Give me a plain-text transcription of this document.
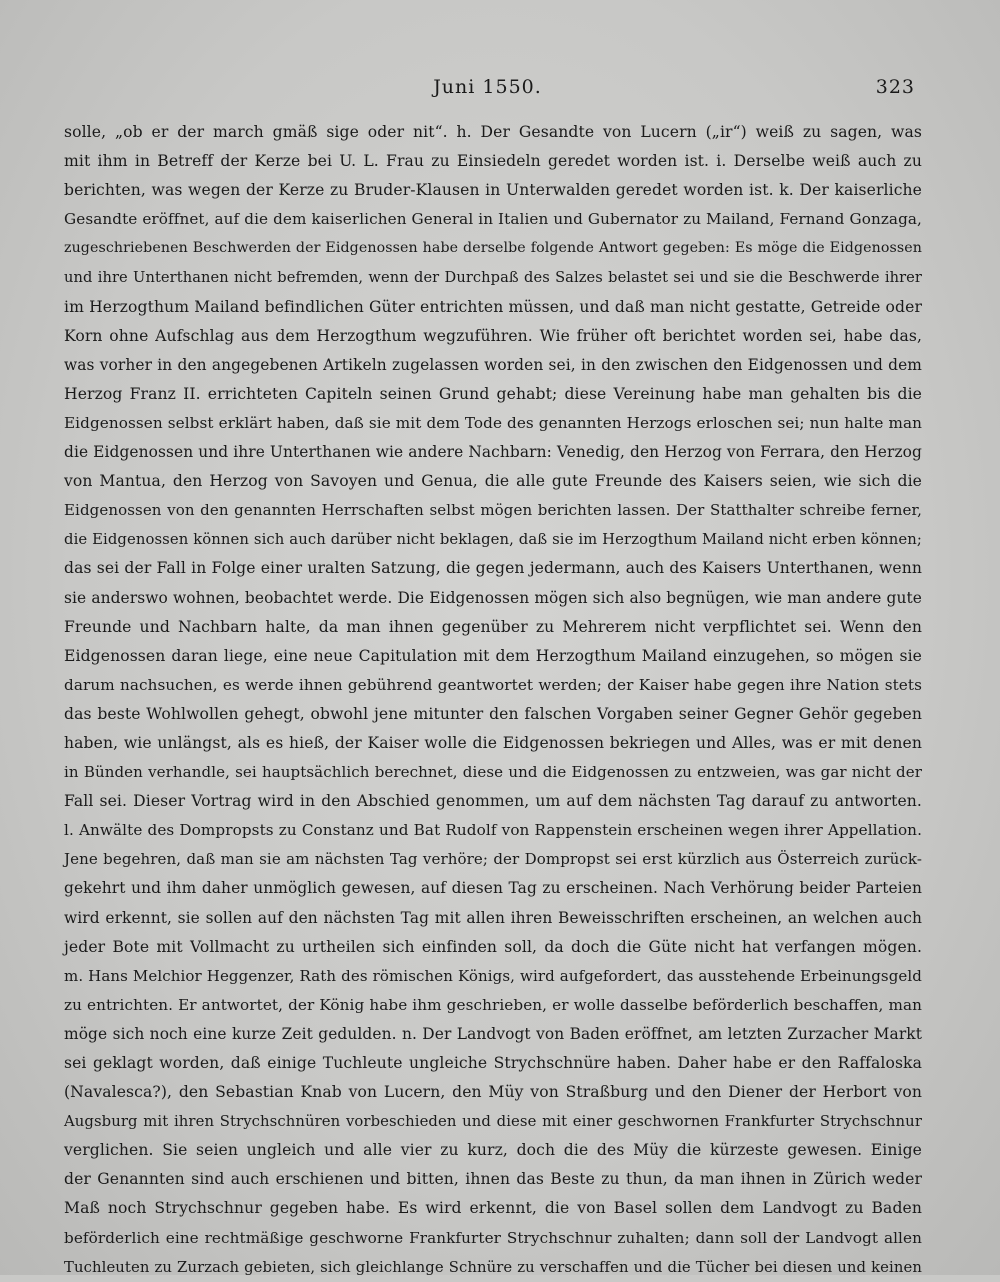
Juni 1550.	323
solle, „ob er der march gmäß sige oder nit“. h. Der Gesandte von Lucern („ir“) weiß zu sagen, was
mit ihm in Betreff der Kerze bei U. L. Frau zu Einsiedeln geredet worden ist. i. Derselbe weiß auch zu
berichten, was wegen der Kerze zu Bruder-Klausen in Unterwalden geredet worden ist. k. Der kaiserliche
Gesandte eröffnet, auf die dem kaiserlichen General in Italien und Gubernator zu Mailand, Fernand Gonzaga,
zugeschriebenen Beschwerden der Eidgenossen habe derselbe folgende Antwort gegeben: Es möge die Eidgenossen
und ihre Unterthanen nicht befremden, wenn der Durchpaß des Salzes belastet sei und sie die Beschwerde ihrer
im Herzogthum Mailand befindlichen Güter entrichten müssen, und daß man nicht gestatte, Getreide oder
Korn ohne Aufschlag aus dem Herzogthum wegzuführen. Wie früher oft berichtet worden sei, habe das,
was vorher in den angegebenen Artikeln zugelassen worden sei, in den zwischen den Eidgenossen und dem
Herzog Franz II. errichteten Capiteln seinen Grund gehabt; diese Vereinung habe man gehalten bis die
Eidgenossen selbst erklärt haben, daß sie mit dem Tode des genannten Herzogs erloschen sei; nun halte man
die Eidgenossen und ihre Unterthanen wie andere Nachbarn: Venedig, den Herzog von Ferrara, den Herzog
von Mantua, den Herzog von Savoyen und Genua, die alle gute Freunde des Kaisers seien, wie sich die
Eidgenossen von den genannten Herrschaften selbst mögen berichten lassen. Der Statthalter schreibe ferner,
die Eidgenossen können sich auch darüber nicht beklagen, daß sie im Herzogthum Mailand nicht erben können;
das sei der Fall in Folge einer uralten Satzung, die gegen jedermann, auch des Kaisers Unterthanen, wenn
sie anderswo wohnen, beobachtet werde. Die Eidgenossen mögen sich also begnügen, wie man andere gute
Freunde und Nachbarn halte, da man ihnen gegenüber zu Mehrerem nicht verpflichtet sei. Wenn den
Eidgenossen daran liege, eine neue Capitulation mit dem Herzogthum Mailand einzugehen, so mögen sie
darum nachsuchen, es werde ihnen gebührend geantwortet werden; der Kaiser habe gegen ihre Nation stets
das beste Wohlwollen gehegt, obwohl jene mitunter den falschen Vorgaben seiner Gegner Gehör gegeben
haben, wie unlängst, als es hieß, der Kaiser wolle die Eidgenossen bekriegen und Alles, was er mit denen
in Bünden verhandle, sei hauptsächlich berechnet, diese und die Eidgenossen zu entzweien, was gar nicht der
Fall sei. Dieser Vortrag wird in den Abschied genommen, um auf dem nächsten Tag darauf zu antworten.
l. Anwälte des Dompropsts zu Constanz und Bat Rudolf von Rappenstein erscheinen wegen ihrer Appellation.
Jene begehren, daß man sie am nächsten Tag verhöre; der Dompropst sei erst kürzlich aus Österreich zurück-
gekehrt und ihm daher unmöglich gewesen, auf diesen Tag zu erscheinen. Nach Verhörung beider Parteien
wird erkennt, sie sollen auf den nächsten Tag mit allen ihren Beweisschriften erscheinen, an welchen auch
jeder Bote mit Vollmacht zu urtheilen sich einfinden soll, da doch die Güte nicht hat verfangen mögen.
m. Hans Melchior Heggenzer, Rath des römischen Königs, wird aufgefordert, das ausstehende Erbeinungsgeld
zu entrichten. Er antwortet, der König habe ihm geschrieben, er wolle dasselbe beförderlich beschaffen, man
möge sich noch eine kurze Zeit gedulden. n. Der Landvogt von Baden eröffnet, am letzten Zurzacher Markt
sei geklagt worden, daß einige Tuchleute ungleiche Strychschnüre haben. Daher habe er den Raffaloska
(Navalesca?), den Sebastian Knab von Lucern, den Müy von Straßburg und den Diener der Herbort von
Augsburg mit ihren Strychschnüren vorbeschieden und diese mit einer geschwornen Frankfurter Strychschnur
verglichen. Sie seien ungleich und alle vier zu kurz, doch die des Müy die kürzeste gewesen. Einige
der Genannten sind auch erschienen und bitten, ihnen das Beste zu thun, da man ihnen in Zürich weder
Maß noch Strychschnur gegeben habe. Es wird erkennt, die von Basel sollen dem Landvogt zu Baden
beförderlich eine rechtmäßige geschworne Frankfurter Strychschnur zuhalten; dann soll der Landvogt allen
Tuchleuten zu Zurzach gebieten, sich gleichlange Schnüre zu verschaffen und die Tücher bei diesen und keinen
